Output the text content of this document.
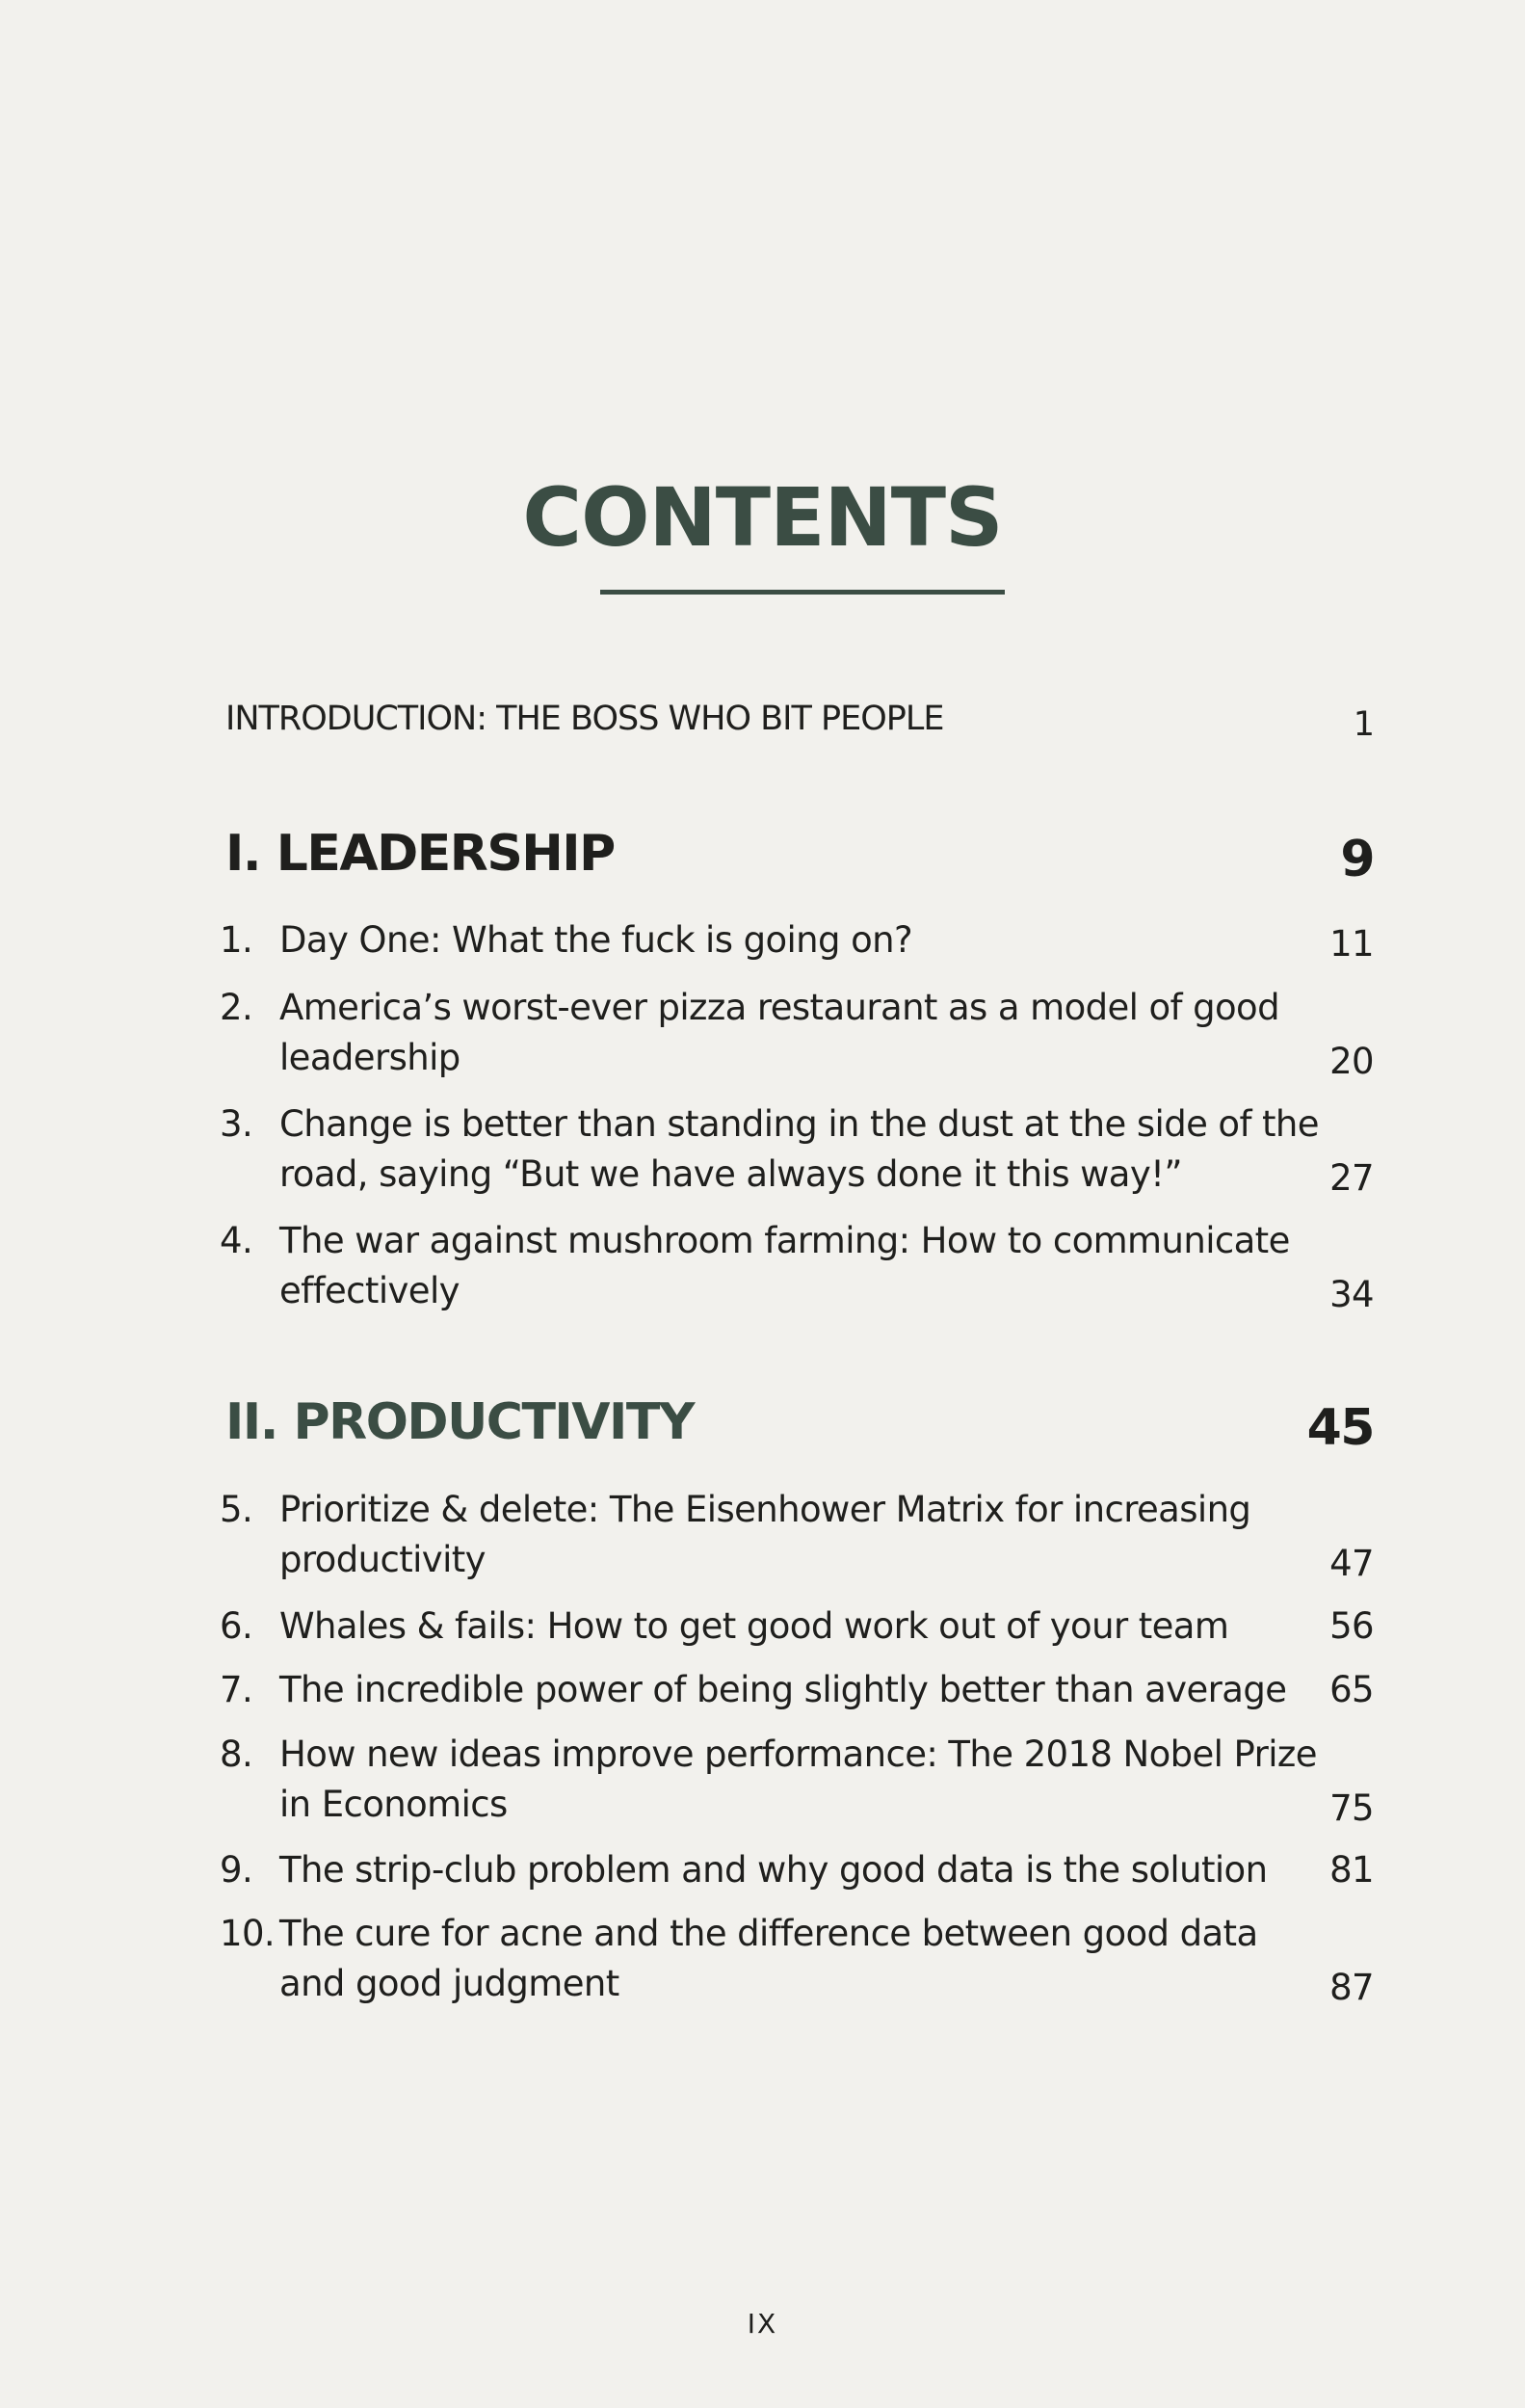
CONTENTS
INTRODUCTION: THE BOSS WHO BIT PEOPLE	1
I. LEADERSHIP	9
1. Day One: What the fuck is going on?	11
2. America’s worst-ever pizza restaurant as a model of good leadership	20
3. Change is better than standing in the dust at the side of the road, saying “But we have always done it this way!”	27
4. The war against mushroom farming: How to communicate effectively	34
II. PRODUCTIVITY	45
5. Prioritize & delete: The Eisenhower Matrix for increasing productivity	47
6. Whales & fails: How to get good work out of your team	56
7. The incredible power of being slightly better than average	65
8. How new ideas improve performance: The 2018 Nobel Prize in Economics	75
9. The strip-club problem and why good data is the solution	81
10. The cure for acne and the difference between good data and good judgment	87
IX
